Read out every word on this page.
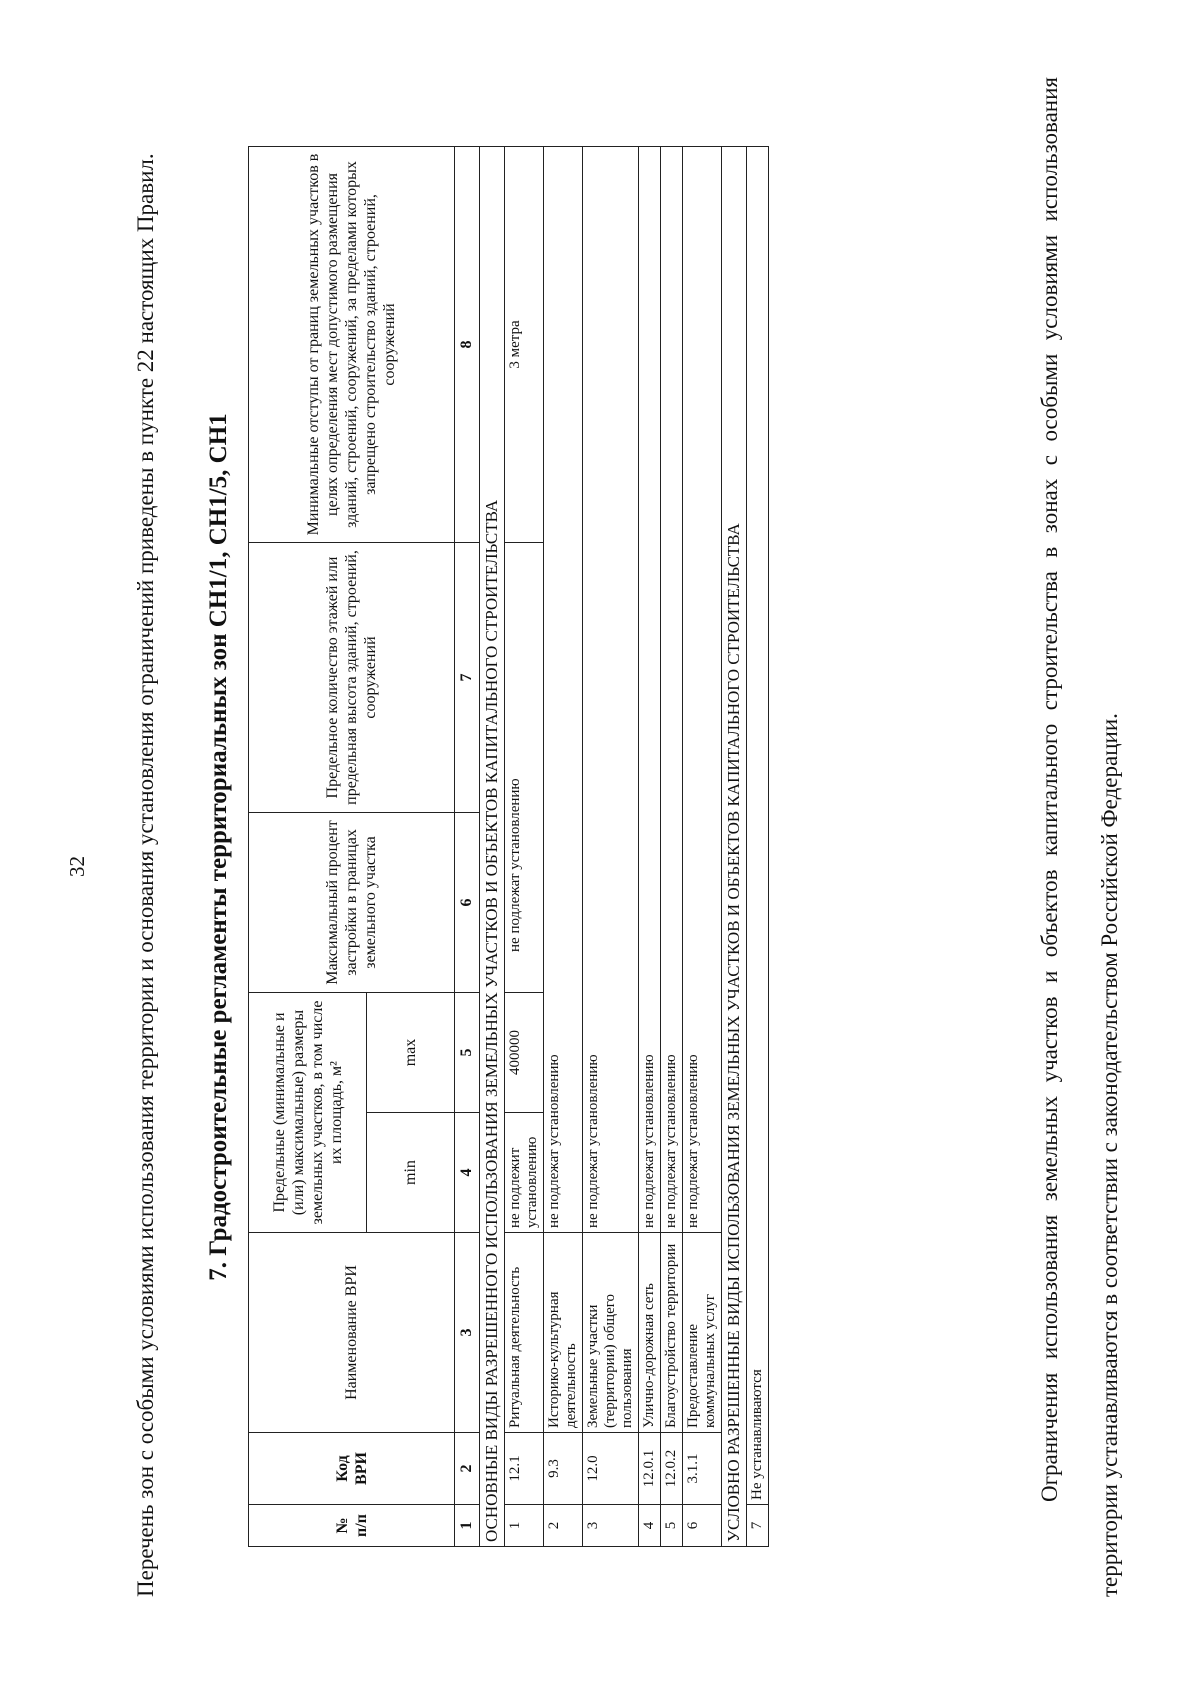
32	Перечень зон с особыми условиями использования территории и основания установления ограничений приведены в пункте 22 настоящих Правил.	7. Градостроительные регламенты территориальных зон СН1/1, СН1/5, СН1
№ п/п	Код ВРИ	Наименование ВРИ	Предельные (минимальные и (или) максимальные) размеры земельных участков, в том числе их площадь, м²		Максимальный процент застройки в границах земельного участка	Предельное количество этажей или предельная высота зданий, строений, сооружений	Минимальные отступы от границ земельных участков в целях определения мест допустимого размещения зданий, строений, сооружений, за пределами которых запрещено строительство зданий, строений, сооружений
			min	max			
1	2	3	4	5	6	7	8
ОСНОВНЫЕ ВИДЫ РАЗРЕШЕННОГО ИСПОЛЬЗОВАНИЯ ЗЕМЕЛЬНЫХ УЧАСТКОВ И ОБЪЕКТОВ КАПИТАЛЬНОГО СТРОИТЕЛЬСТВА							
1	12.1	Ритуальная деятельность	не подлежит установлению	400000	не подлежат установлению		3 метра
2	9.3	Историко-культурная деятельность	не подлежат установлению				
3	12.0	Земельные участки (территории) общего пользования	не подлежат установлению				
4	12.0.1	Улично-дорожная сеть	не подлежат установлению				
5	12.0.2	Благоустройство территории	не подлежат установлению				
6	3.1.1	Предоставление коммунальных услуг	не подлежат установлению				
УСЛОВНО РАЗРЕШЕННЫЕ ВИДЫ ИСПОЛЬЗОВАНИЯ ЗЕМЕЛЬНЫХ УЧАСТКОВ И ОБЪЕКТОВ КАПИТАЛЬНОГО СТРОИТЕЛЬСТВА							
7	Не устанавливаются							Ограничения использования земельных участков и объектов капитального строительства в зонах с особыми условиями использования территории устанавливаются в соответствии с законодательством Российской Федерации.
